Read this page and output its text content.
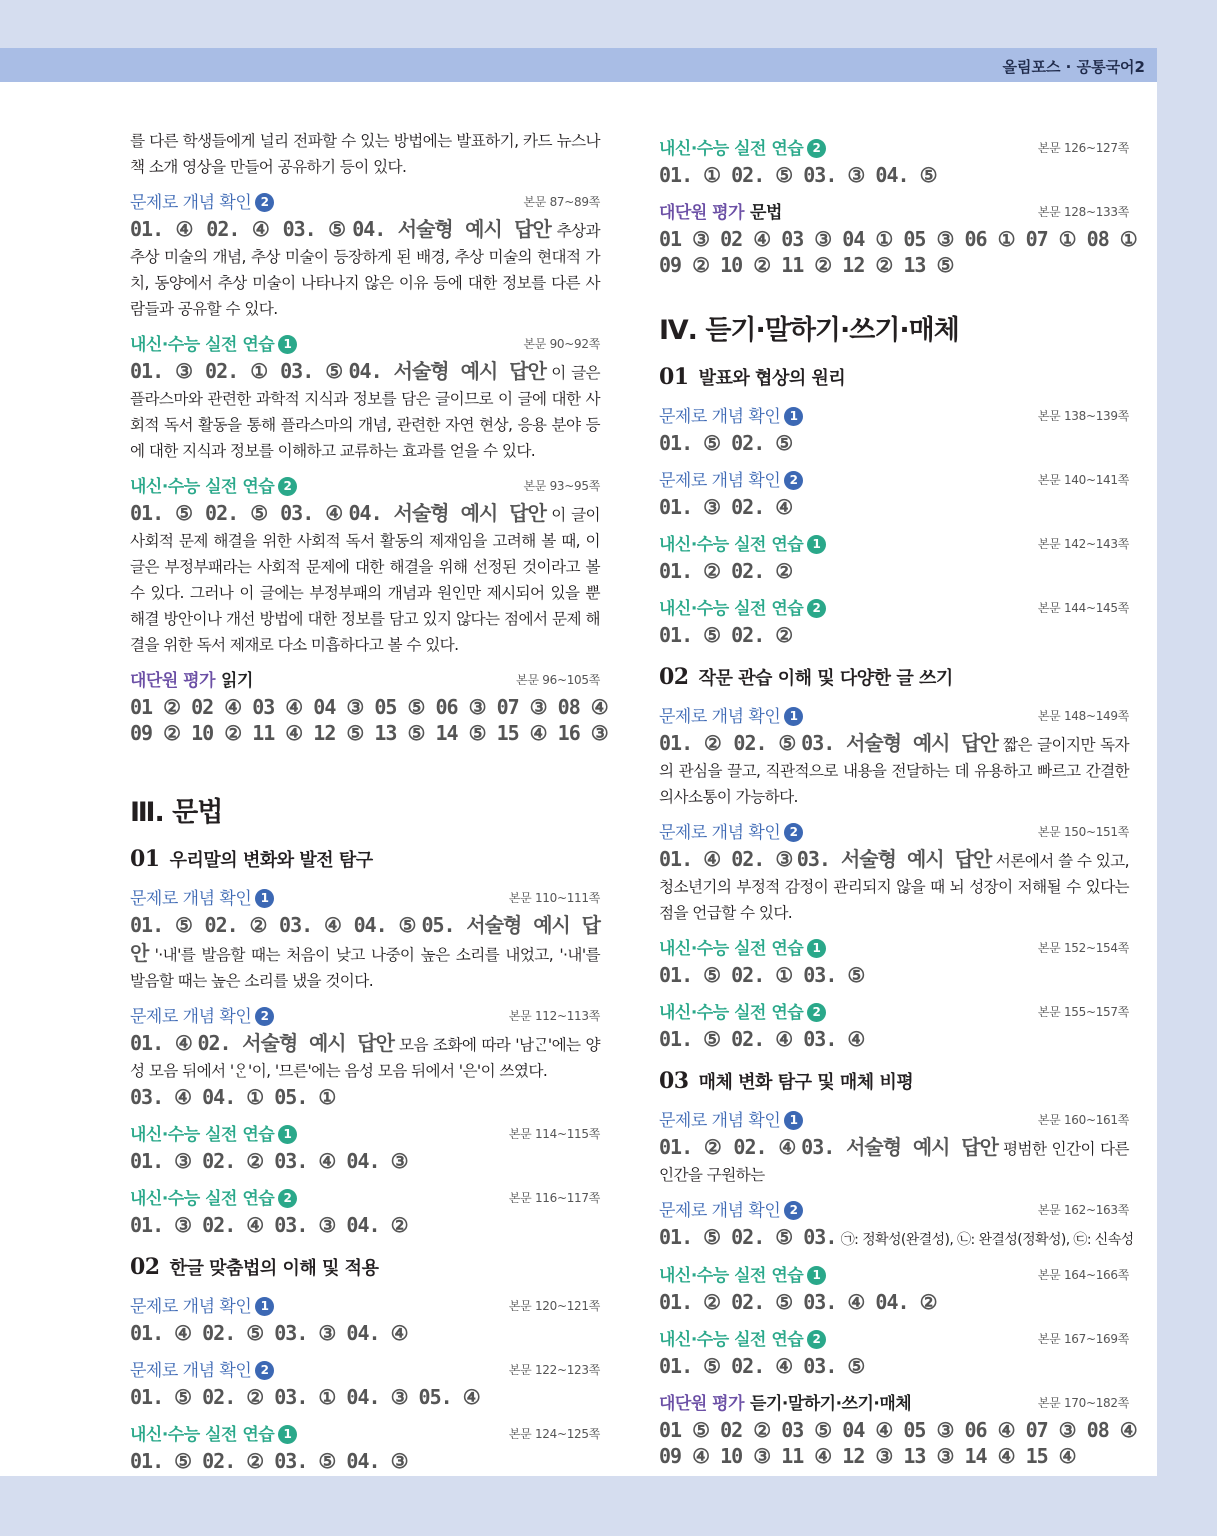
올림포스 · 공통국어2
를 다른 학생들에게 널리 전파할 수 있는 방법에는 발표하기, 카드 뉴스나 책 소개 영상을 만들어 공유하기 등이 있다.
문제로 개념 확인 2	본문 87~89쪽
01. ④ 02. ④ 03. ⑤ 04. 서술형 예시 답안 추상과 추상 미술의 개념, 추상 미술이 등장하게 된 배경, 추상 미술의 현대적 가치, 동양에서 추상 미술이 나타나지 않은 이유 등에 대한 정보를 다른 사람들과 공유할 수 있다.
내신·수능 실전 연습 1	본문 90~92쪽
01. ③ 02. ① 03. ⑤ 04. 서술형 예시 답안 이 글은 플라스마와 관련한 과학적 지식과 정보를 담은 글이므로 이 글에 대한 사회적 독서 활동을 통해 플라스마의 개념, 관련한 자연 현상, 응용 분야 등에 대한 지식과 정보를 이해하고 교류하는 효과를 얻을 수 있다.
내신·수능 실전 연습 2	본문 93~95쪽
01. ⑤ 02. ⑤ 03. ④ 04. 서술형 예시 답안 이 글이 사회적 문제 해결을 위한 사회적 독서 활동의 제재임을 고려해 볼 때, 이 글은 부정부패라는 사회적 문제에 대한 해결을 위해 선정된 것이라고 볼 수 있다. 그러나 이 글에는 부정부패의 개념과 원인만 제시되어 있을 뿐 해결 방안이나 개선 방법에 대한 정보를 담고 있지 않다는 점에서 문제 해결을 위한 독서 제재로 다소 미흡하다고 볼 수 있다.
대단원 평가 읽기	본문 96~105쪽
01 ② 02 ④ 03 ④ 04 ③ 05 ⑤ 06 ③ 07 ③ 08 ④
09 ② 10 ② 11 ④ 12 ⑤ 13 ⑤ 14 ⑤ 15 ④ 16 ③
Ⅲ. 문법
01 우리말의 변화와 발전 탐구
문제로 개념 확인 1	본문 110~111쪽
01. ⑤ 02. ② 03. ④ 04. ⑤ 05. 서술형 예시 답안 '·내'를 발음할 때는 처음이 낮고 나중이 높은 소리를 내었고, '·내'를 발음할 때는 높은 소리를 냈을 것이다.
문제로 개념 확인 2	본문 112~113쪽
01. ④ 02. 서술형 예시 답안 모음 조화에 따라 '남ᄀᆞᆫ'에는 양성 모음 뒤에서 'ᄋᆞᆫ'이, '므른'에는 음성 모음 뒤에서 '은'이 쓰였다.
03. ④ 04. ① 05. ①
내신·수능 실전 연습 1	본문 114~115쪽
01. ③ 02. ② 03. ④ 04. ③
내신·수능 실전 연습 2	본문 116~117쪽
01. ③ 02. ④ 03. ③ 04. ②
02 한글 맞춤법의 이해 및 적용
문제로 개념 확인 1	본문 120~121쪽
01. ④ 02. ⑤ 03. ③ 04. ④
문제로 개념 확인 2	본문 122~123쪽
01. ⑤ 02. ② 03. ① 04. ③ 05. ④
내신·수능 실전 연습 1	본문 124~125쪽
01. ⑤ 02. ② 03. ⑤ 04. ③
내신·수능 실전 연습 2	본문 126~127쪽
01. ① 02. ⑤ 03. ③ 04. ⑤
대단원 평가 문법	본문 128~133쪽
01 ③ 02 ④ 03 ③ 04 ① 05 ③ 06 ① 07 ① 08 ①
09 ② 10 ② 11 ② 12 ② 13 ⑤
Ⅳ. 듣기·말하기·쓰기·매체
01 발표와 협상의 원리
문제로 개념 확인 1	본문 138~139쪽
01. ⑤ 02. ⑤
문제로 개념 확인 2	본문 140~141쪽
01. ③ 02. ④
내신·수능 실전 연습 1	본문 142~143쪽
01. ② 02. ②
내신·수능 실전 연습 2	본문 144~145쪽
01. ⑤ 02. ②
02 작문 관습 이해 및 다양한 글 쓰기
문제로 개념 확인 1	본문 148~149쪽
01. ② 02. ⑤ 03. 서술형 예시 답안 짧은 글이지만 독자의 관심을 끌고, 직관적으로 내용을 전달하는 데 유용하고 빠르고 간결한 의사소통이 가능하다.
문제로 개념 확인 2	본문 150~151쪽
01. ④ 02. ③ 03. 서술형 예시 답안 서론에서 쓸 수 있고, 청소년기의 부정적 감정이 관리되지 않을 때 뇌 성장이 저해될 수 있다는 점을 언급할 수 있다.
내신·수능 실전 연습 1	본문 152~154쪽
01. ⑤ 02. ① 03. ⑤
내신·수능 실전 연습 2	본문 155~157쪽
01. ⑤ 02. ④ 03. ④
03 매체 변화 탐구 및 매체 비평
문제로 개념 확인 1	본문 160~161쪽
01. ② 02. ④ 03. 서술형 예시 답안 평범한 인간이 다른 인간을 구원하는
문제로 개념 확인 2	본문 162~163쪽
01. ⑤ 02. ⑤ 03. ㉠: 정확성(완결성), ㉡: 완결성(정확성), ㉢: 신속성
내신·수능 실전 연습 1	본문 164~166쪽
01. ② 02. ⑤ 03. ④ 04. ②
내신·수능 실전 연습 2	본문 167~169쪽
01. ⑤ 02. ④ 03. ⑤
대단원 평가 듣기·말하기·쓰기·매체	본문 170~182쪽
01 ⑤ 02 ② 03 ⑤ 04 ④ 05 ③ 06 ④ 07 ③ 08 ④
09 ④ 10 ③ 11 ④ 12 ③ 13 ③ 14 ④ 15 ④
